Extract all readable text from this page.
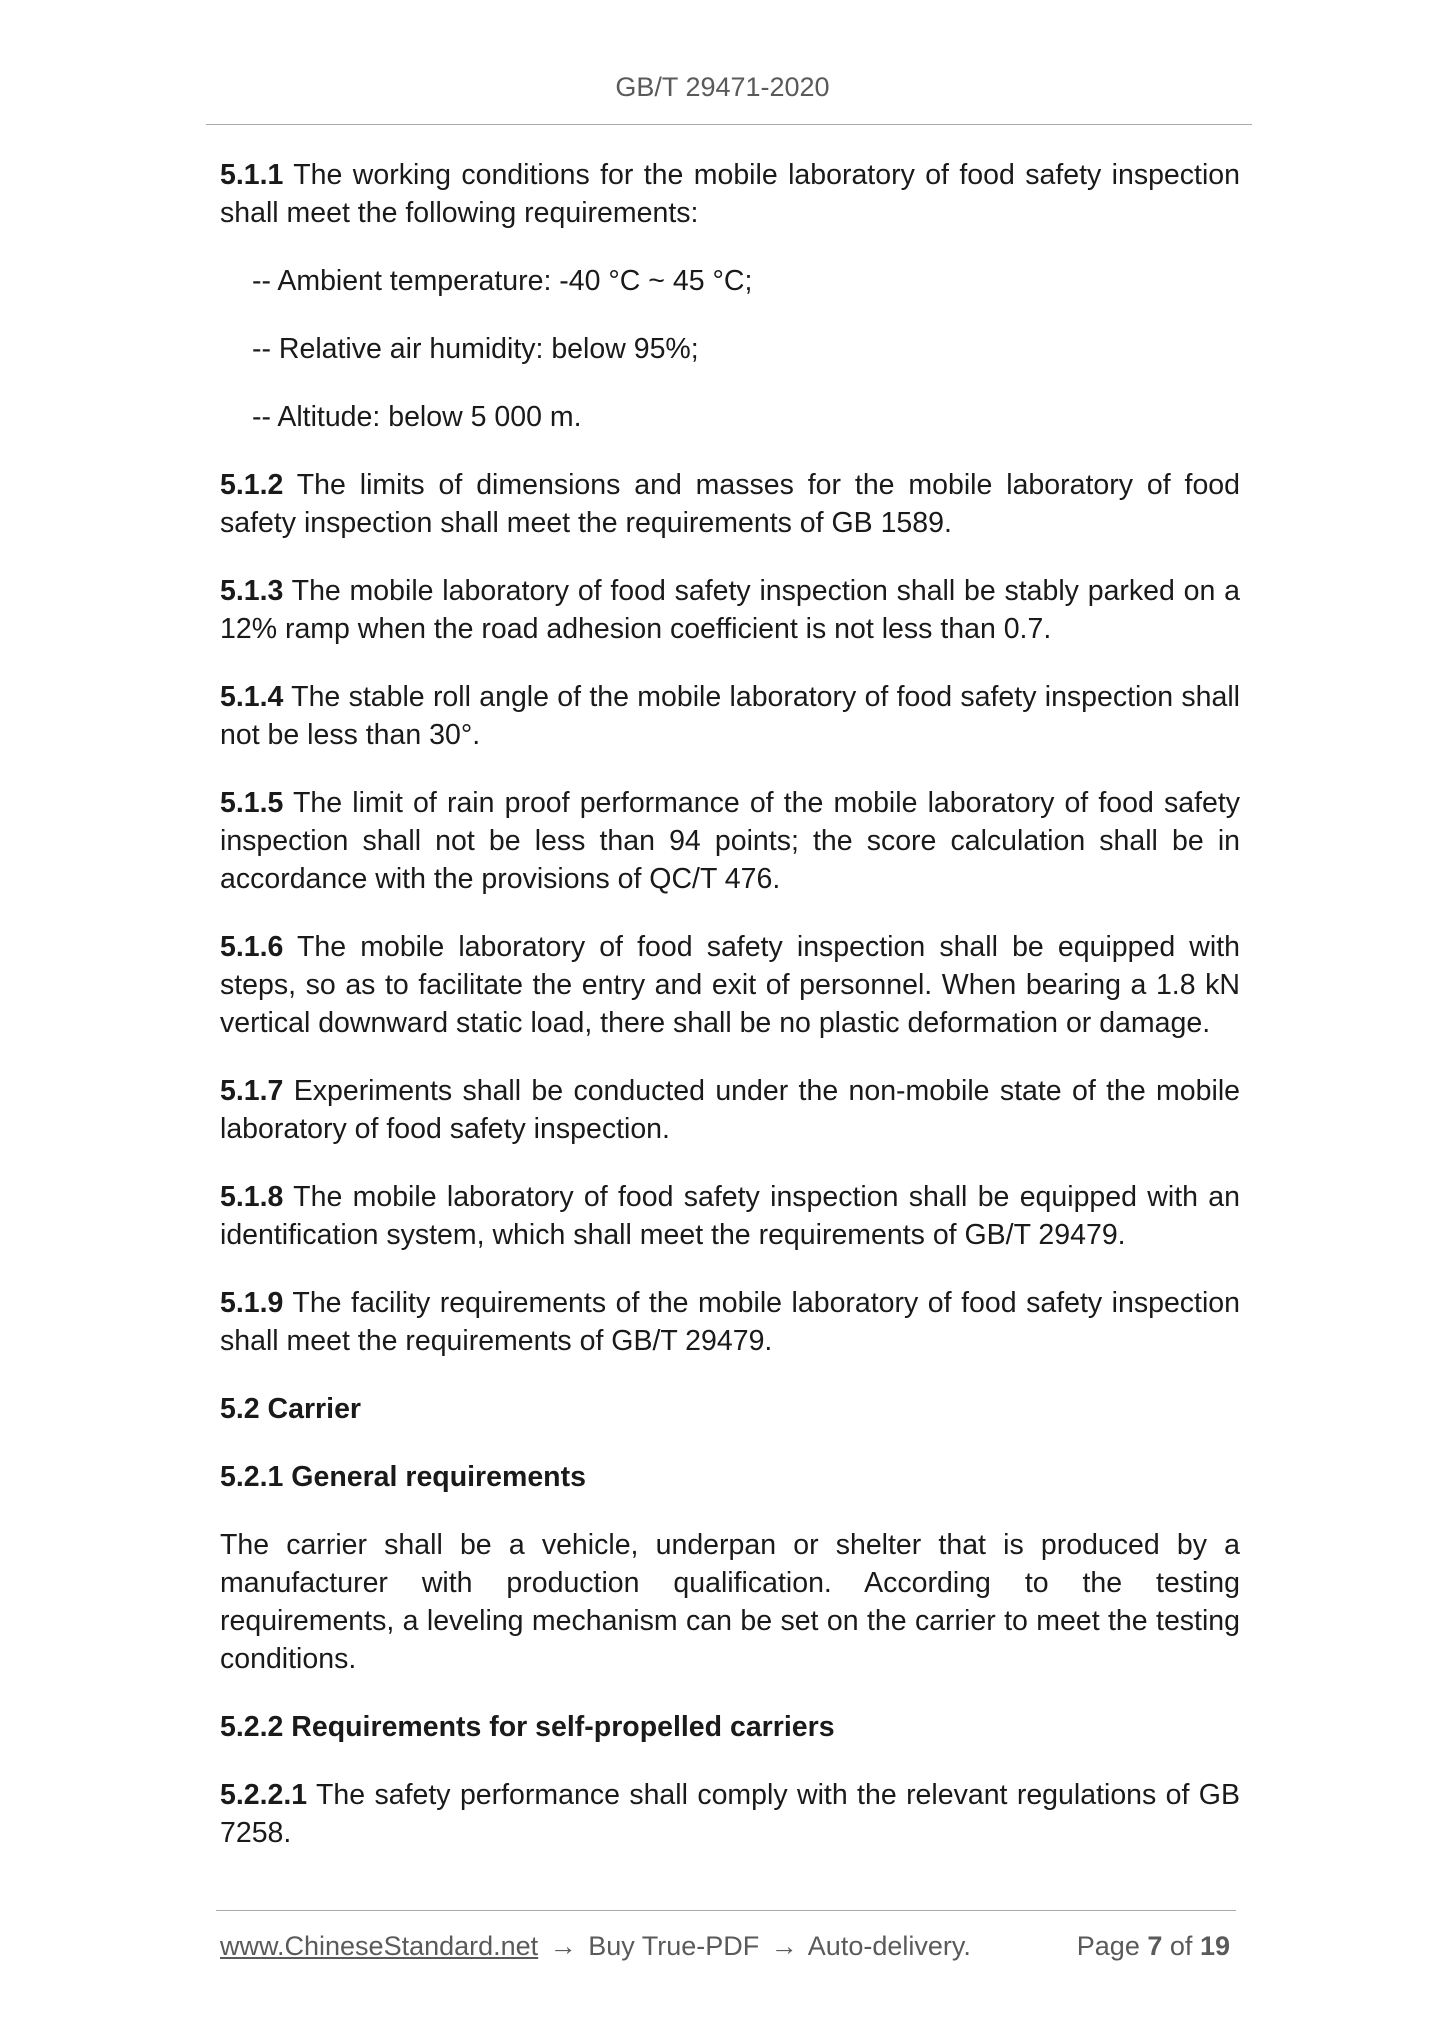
GB/T 29471-2020

5.1.1 The working conditions for the mobile laboratory of food safety inspection shall meet the following requirements:

-- Ambient temperature: -40 °C ~ 45 °C;

-- Relative air humidity: below 95%;

-- Altitude: below 5 000 m.

5.1.2 The limits of dimensions and masses for the mobile laboratory of food safety inspection shall meet the requirements of GB 1589.

5.1.3 The mobile laboratory of food safety inspection shall be stably parked on a 12% ramp when the road adhesion coefficient is not less than 0.7.

5.1.4 The stable roll angle of the mobile laboratory of food safety inspection shall not be less than 30°.

5.1.5 The limit of rain proof performance of the mobile laboratory of food safety inspection shall not be less than 94 points; the score calculation shall be in accordance with the provisions of QC/T 476.

5.1.6 The mobile laboratory of food safety inspection shall be equipped with steps, so as to facilitate the entry and exit of personnel. When bearing a 1.8 kN vertical downward static load, there shall be no plastic deformation or damage.

5.1.7 Experiments shall be conducted under the non-mobile state of the mobile laboratory of food safety inspection.

5.1.8 The mobile laboratory of food safety inspection shall be equipped with an identification system, which shall meet the requirements of GB/T 29479.

5.1.9 The facility requirements of the mobile laboratory of food safety inspection shall meet the requirements of GB/T 29479.

5.2 Carrier

5.2.1 General requirements

The carrier shall be a vehicle, underpan or shelter that is produced by a manufacturer with production qualification. According to the testing requirements, a leveling mechanism can be set on the carrier to meet the testing conditions.

5.2.2 Requirements for self-propelled carriers

5.2.2.1 The safety performance shall comply with the relevant regulations of GB 7258.

www.ChineseStandard.net → Buy True-PDF → Auto-delivery.	Page 7 of 19
